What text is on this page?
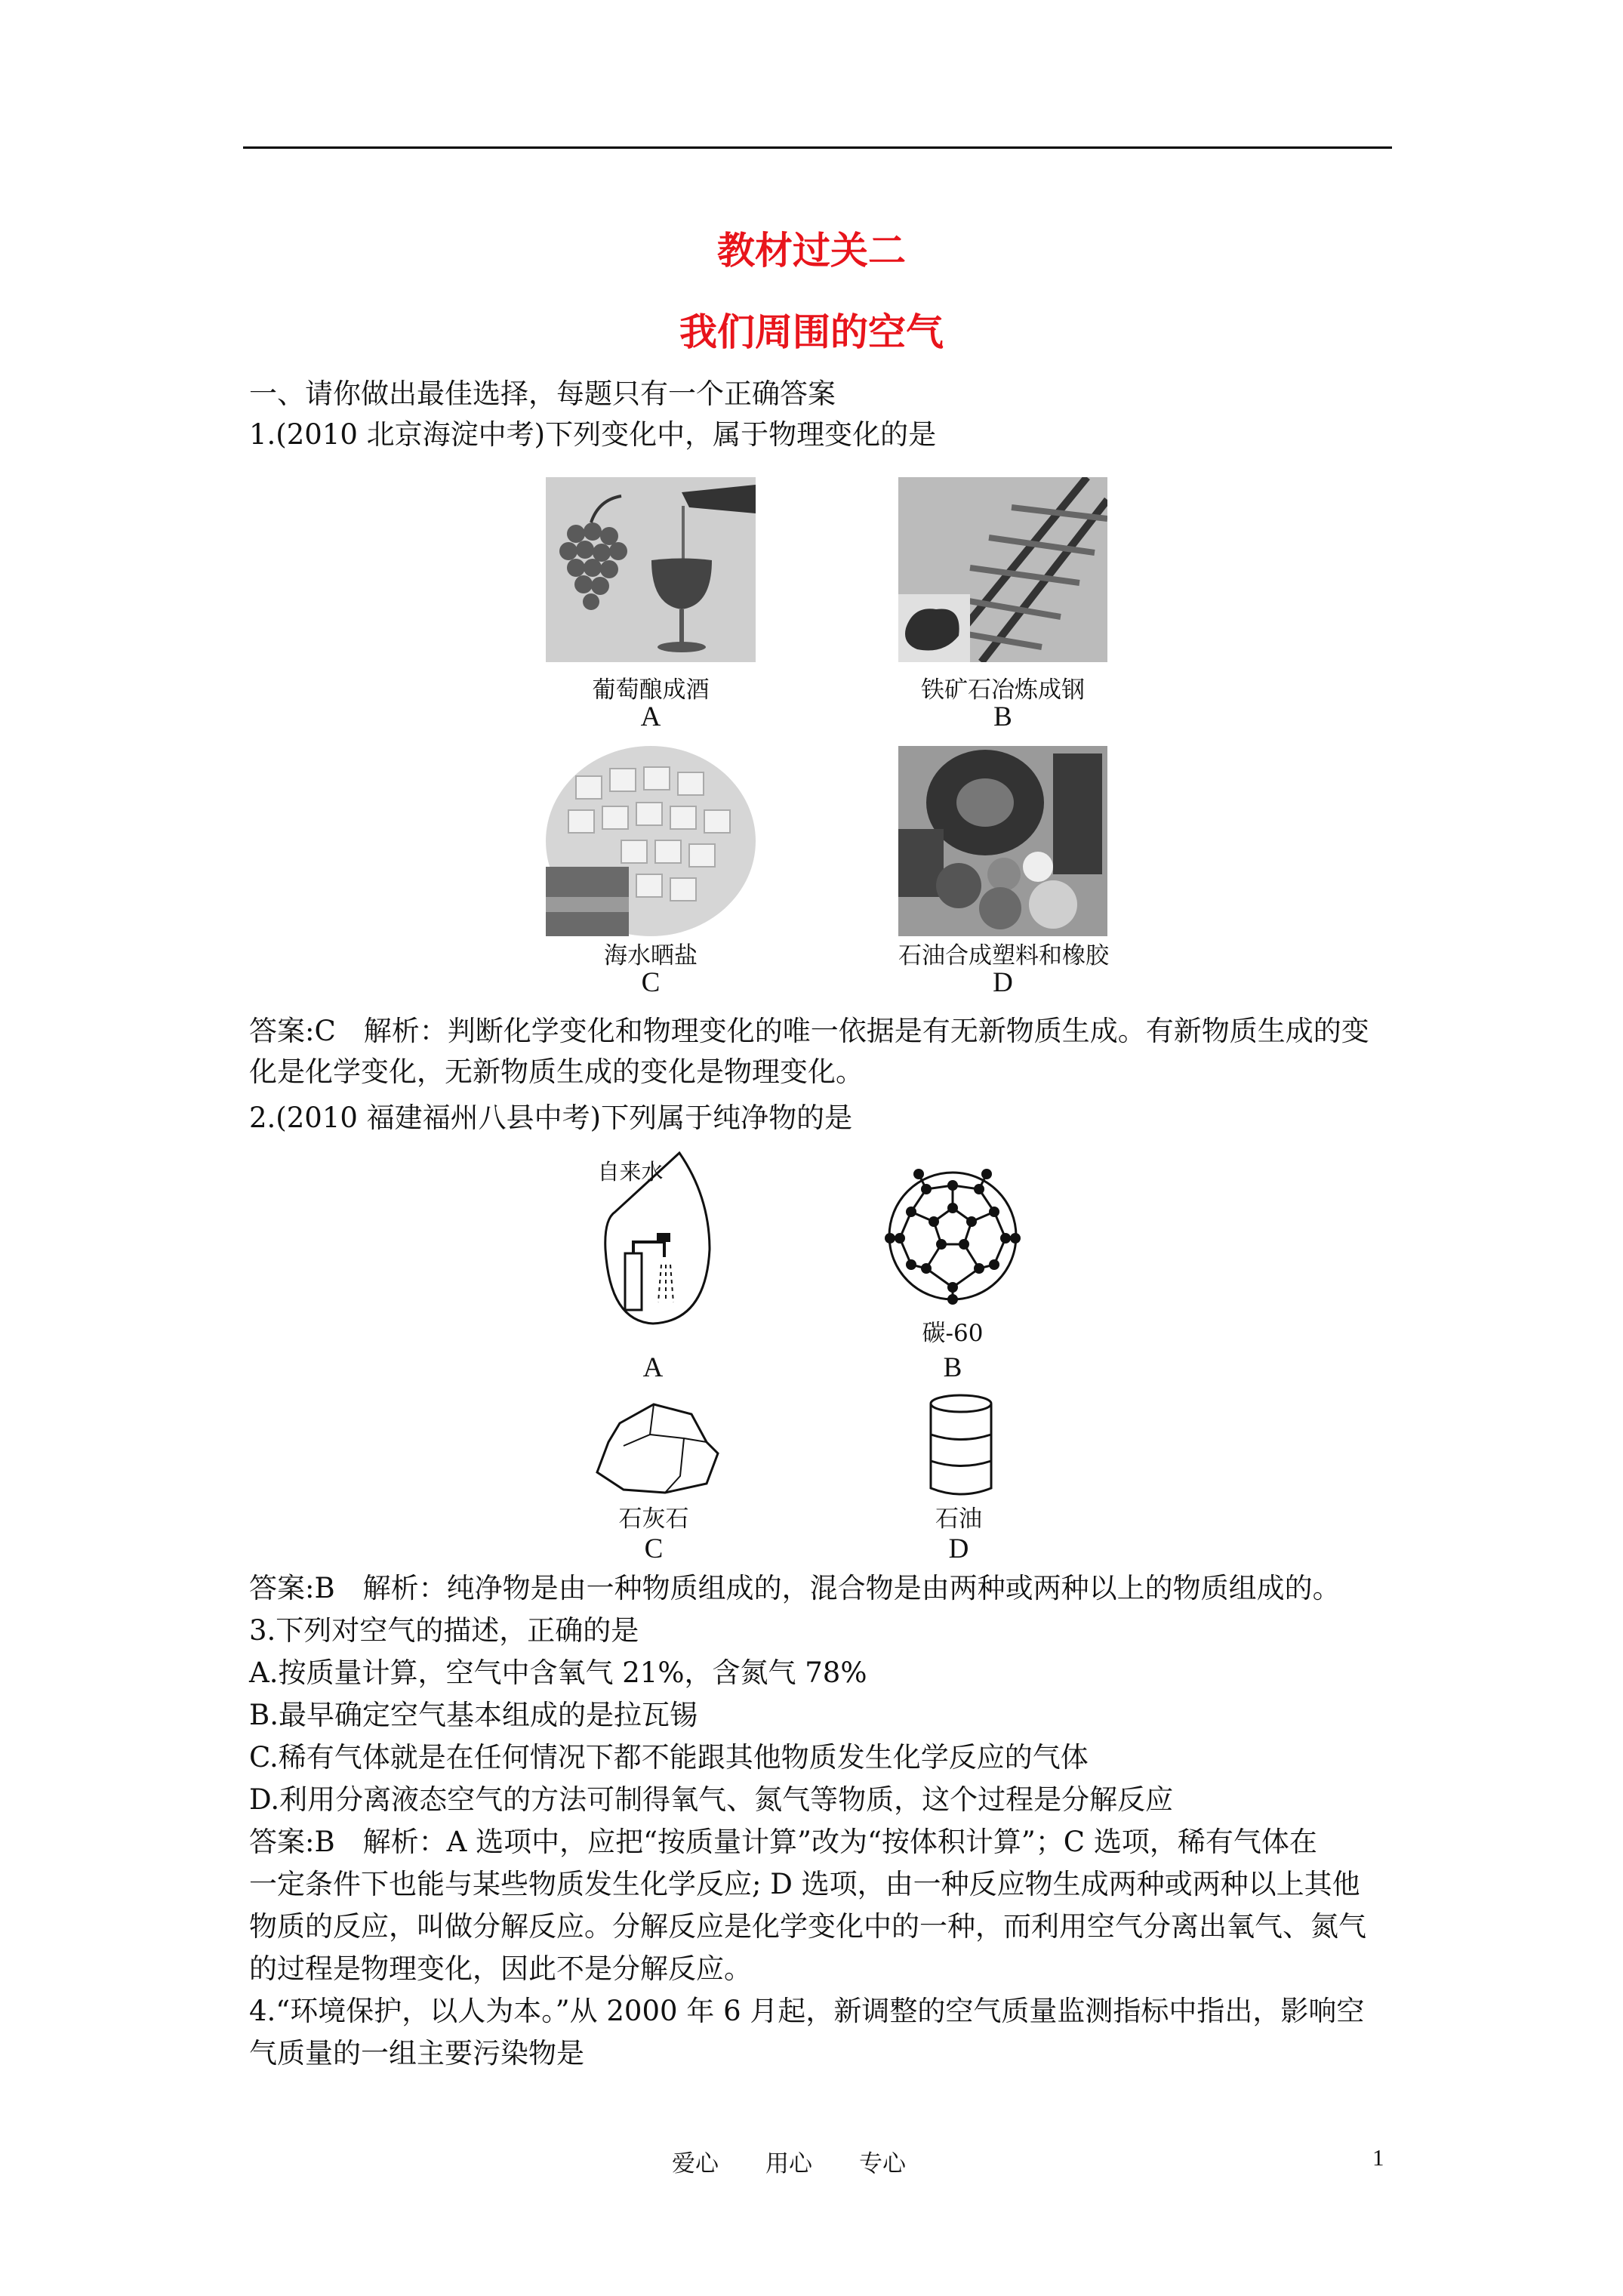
教材过关二
我们周围的空气
一、请你做出最佳选择，每题只有一个正确答案
1.(2010 北京海淀中考)下列变化中，属于物理变化的是
葡萄酿成酒
A
铁矿石冶炼成钢
B
海水晒盐
C
石油合成塑料和橡胶
D
答案:C　解析：判断化学变化和物理变化的唯一依据是有无新物质生成。有新物质生成的变
化是化学变化，无新物质生成的变化是物理变化。
2.(2010 福建福州八县中考)下列属于纯净物的是
自来水
碳-60
A	B
石灰石
C
石油
D
答案:B　解析：纯净物是由一种物质组成的，混合物是由两种或两种以上的物质组成的。
3.下列对空气的描述，正确的是
A.按质量计算，空气中含氧气 21%，含氮气 78%
B.最早确定空气基本组成的是拉瓦锡
C.稀有气体就是在任何情况下都不能跟其他物质发生化学反应的气体
D.利用分离液态空气的方法可制得氧气、氮气等物质，这个过程是分解反应
答案:B　解析：A 选项中，应把“按质量计算”改为“按体积计算”；C 选项，稀有气体在
一定条件下也能与某些物质发生化学反应; D 选项，由一种反应物生成两种或两种以上其他
物质的反应，叫做分解反应。分解反应是化学变化中的一种，而利用空气分离出氧气、氮气
的过程是物理变化，因此不是分解反应。
4.“环境保护，以人为本。”从 2000 年 6 月起，新调整的空气质量监测指标中指出，影响空
气质量的一组主要污染物是
爱心　　用心　　专心	1
